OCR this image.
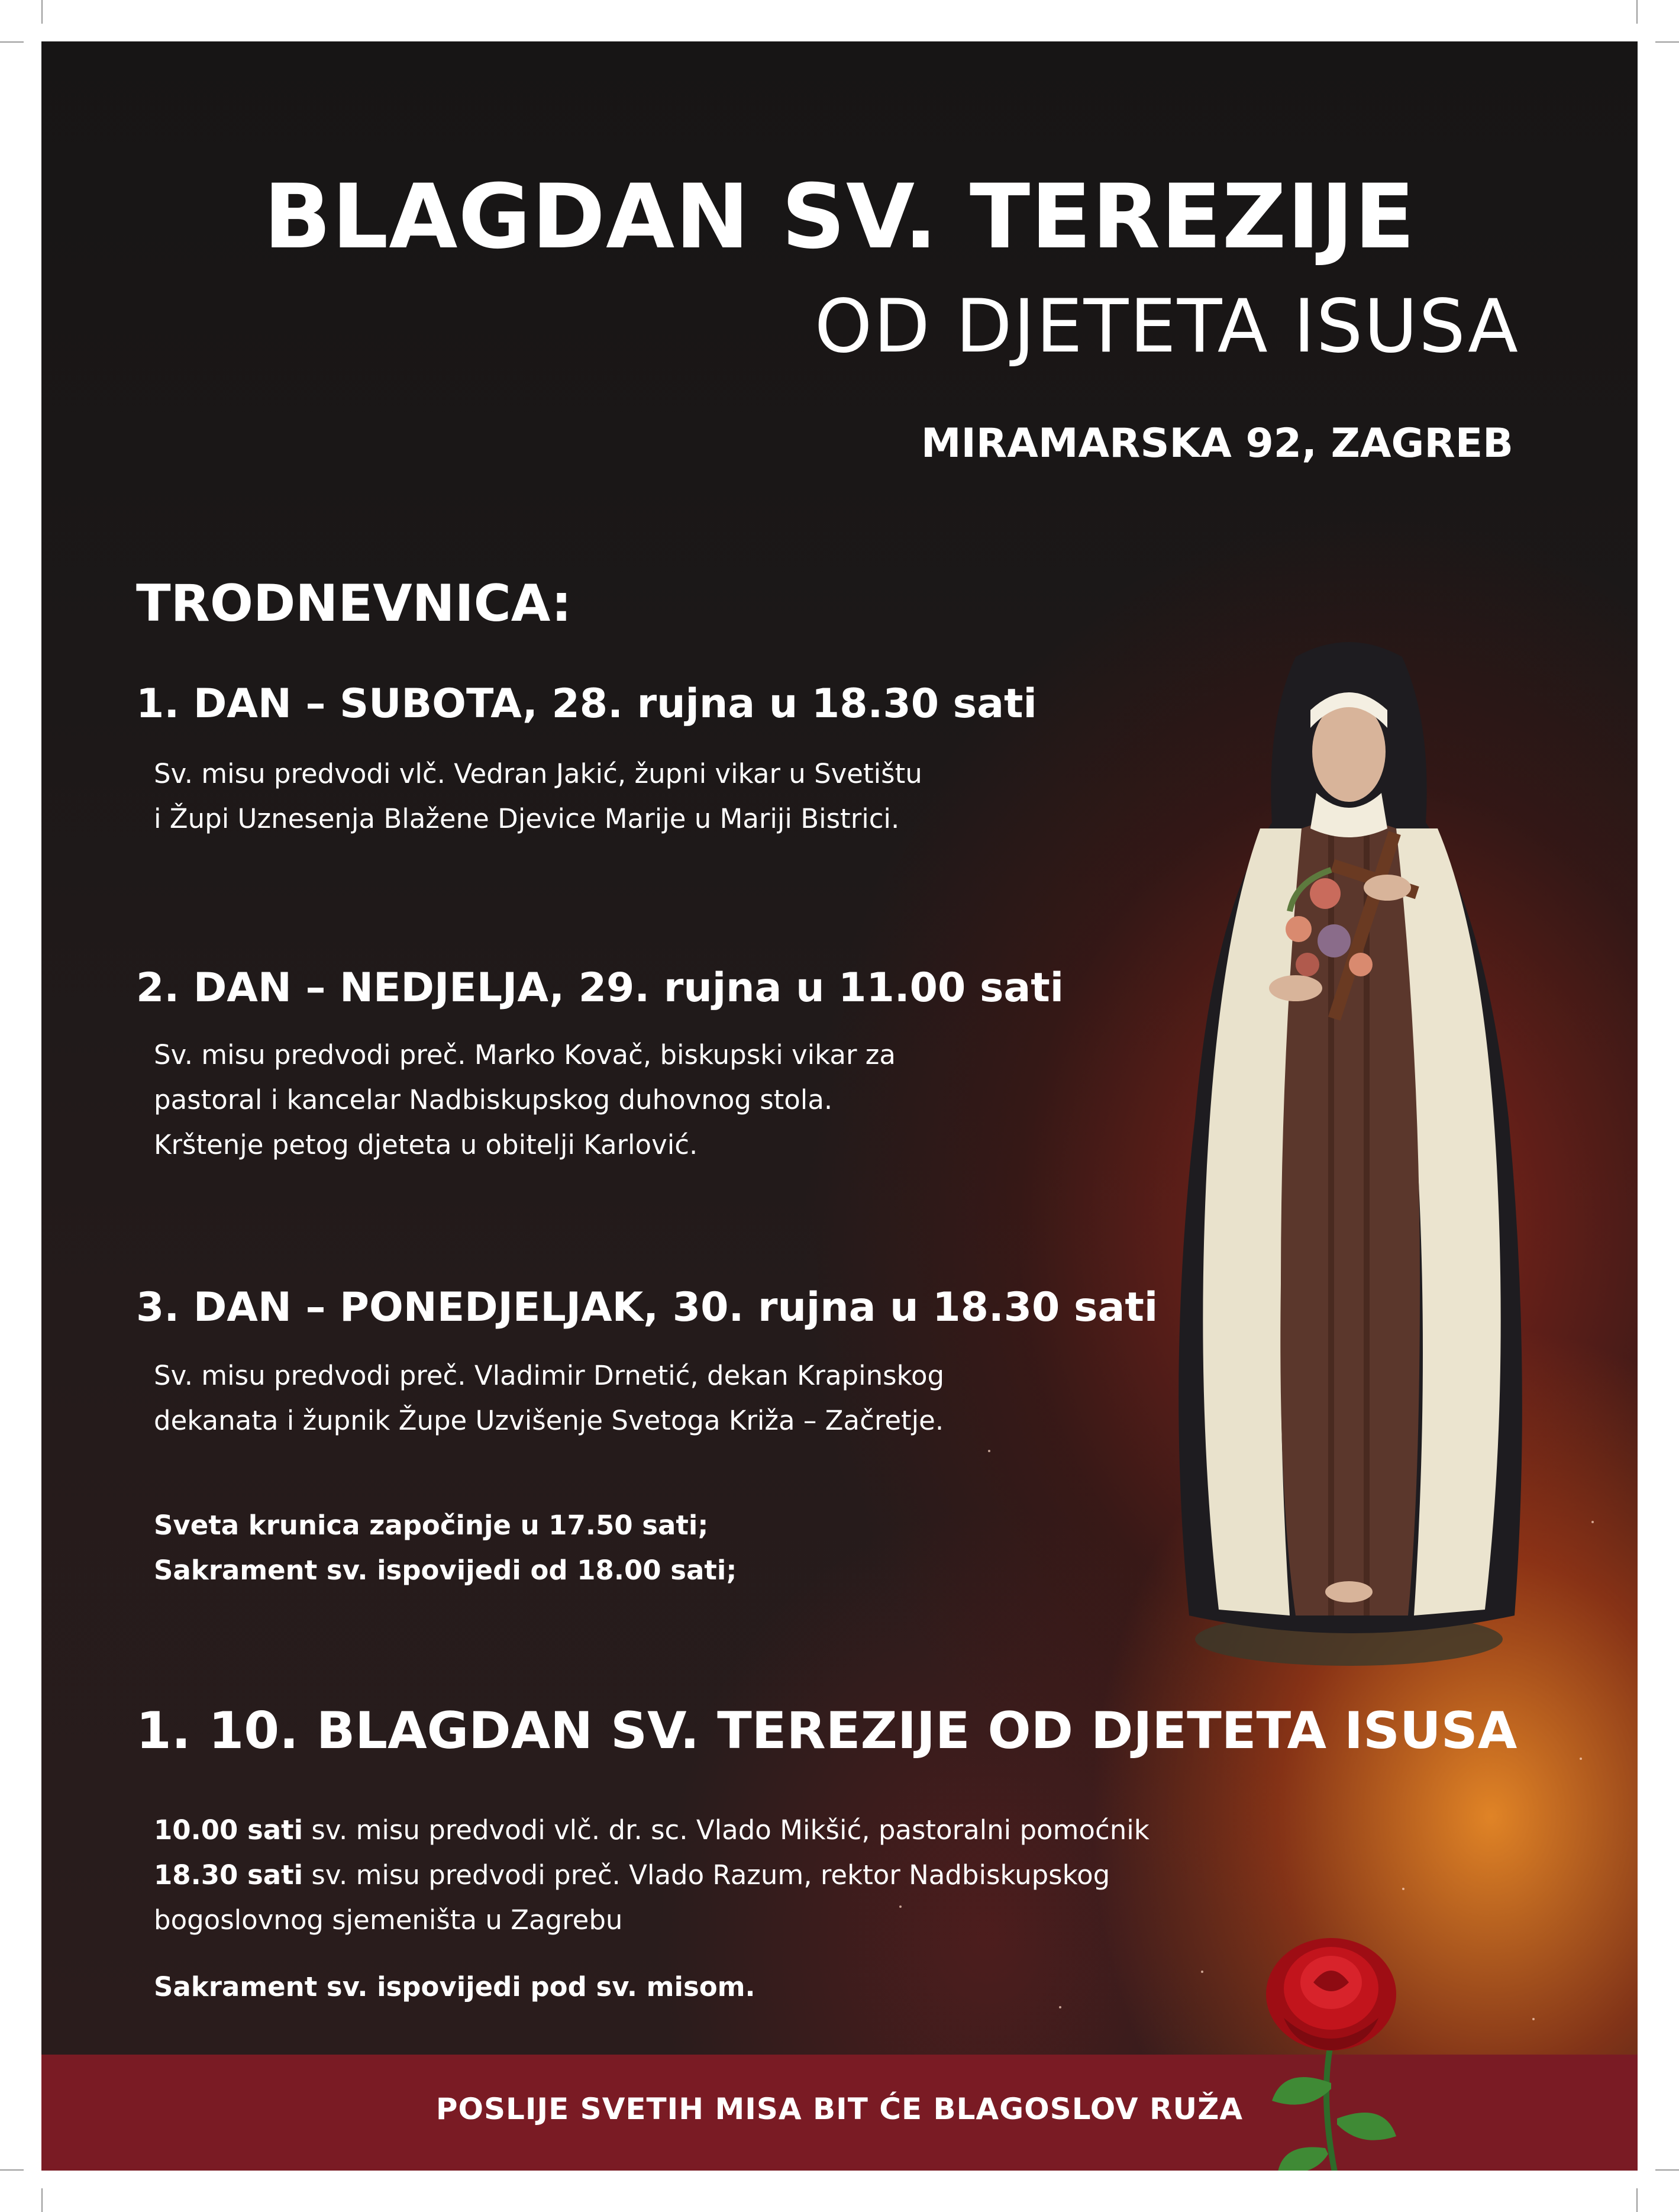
BLAGDAN SV. TEREZIJE
OD DJETETA ISUSA
MIRAMARSKA 92, ZAGREB
TRODNEVNICA:
1. DAN – SUBOTA, 28. rujna u 18.30 sati

Sv. misu predvodi vlč. Vedran Jakić, župni vikar u Svetištu

i Župi Uznesenja Blažene Djevice Marije u Mariji Bistrici.

2. DAN – NEDJELJA, 29. rujna u 11.00 sati

Sv. misu predvodi preč. Marko Kovač, biskupski vikar za

pastoral i kancelar Nadbiskupskog duhovnog stola.

Krštenje petog djeteta u obitelji Karlović.

3. DAN – PONEDJELJAK, 30. rujna u 18.30 sati

Sv. misu predvodi preč. Vladimir Drnetić, dekan Krapinskog

dekanata i župnik Župe Uzvišenje Svetoga Križa – Začretje.

Sveta krunica započinje u 17.50 sati;

Sakrament sv. ispovijedi od 18.00 sati;

1. 10. BLAGDAN SV. TEREZIJE OD DJETETA ISUSA

10.00 sati sv. misu predvodi vlč. dr. sc. Vlado Mikšić, pastoralni pomoćnik

18.30 sati sv. misu predvodi preč. Vlado Razum, rektor Nadbiskupskog

bogoslovnog sjemeništa u Zagrebu

Sakrament sv. ispovijedi pod sv. misom.

POSLIJE SVETIH MISA BIT ĆE BLAGOSLOV RUŽA
